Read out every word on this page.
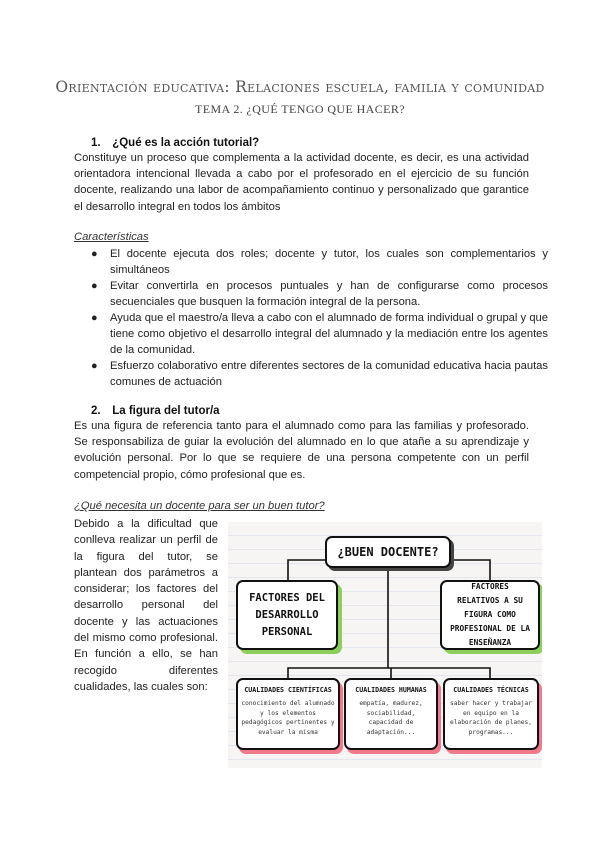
Orientación educativa: Relaciones escuela, familia y comunidad
TEMA 2. ¿QUÉ TENGO QUE HACER?
1. ¿Qué es la acción tutorial?
Constituye un proceso que complementa a la actividad docente, es decir, es una actividad orientadora intencional llevada a cabo por el profesorado en el ejercicio de su función docente, realizando una labor de acompañamiento continuo y personalizado que garantice el desarrollo integral en todos los ámbitos
Características
● El docente ejecuta dos roles; docente y tutor, los cuales son complementarios y simultáneos
● Evitar convertirla en procesos puntuales y han de configurarse como procesos secuenciales que busquen la formación integral de la persona.
● Ayuda que el maestro/a lleva a cabo con el alumnado de forma individual o grupal y que tiene como objetivo el desarrollo integral del alumnado y la mediación entre los agentes de la comunidad.
● Esfuerzo colaborativo entre diferentes sectores de la comunidad educativa hacia pautas comunes de actuación
2. La figura del tutor/a
Es una figura de referencia tanto para el alumnado como para las familias y profesorado. Se responsabiliza de guiar la evolución del alumnado en lo que atañe a su aprendizaje y evolución personal. Por lo que se requiere de una persona competente con un perfil competencial propio, cómo profesional que es.
¿Qué necesita un docente para ser un buen tutor?
Debido a la dificultad que conlleva realizar un perfil de la figura del tutor, se plantean dos parámetros a considerar; los factores del desarrollo personal del docente y las actuaciones del mismo como profesional. En función a ello, se han recogido diferentes cualidades, las cuales son:
¿BUEN DOCENTE?
FACTORES DEL DESARROLLO PERSONAL
FACTORES RELATIVOS A SU FIGURA COMO PROFESIONAL DE LA ENSEÑANZA
CUALIDADES CIENTÍFICAS
conocimiento del alumnado y los elementos pedagógicos pertinentes y evaluar la misma
CUALIDADES HUMANAS
empatía, madurez, sociabilidad, capacidad de adaptación...
CUALIDADES TÉCNICAS
saber hacer y trabajar en equipo en la elaboración de planes, programas...
